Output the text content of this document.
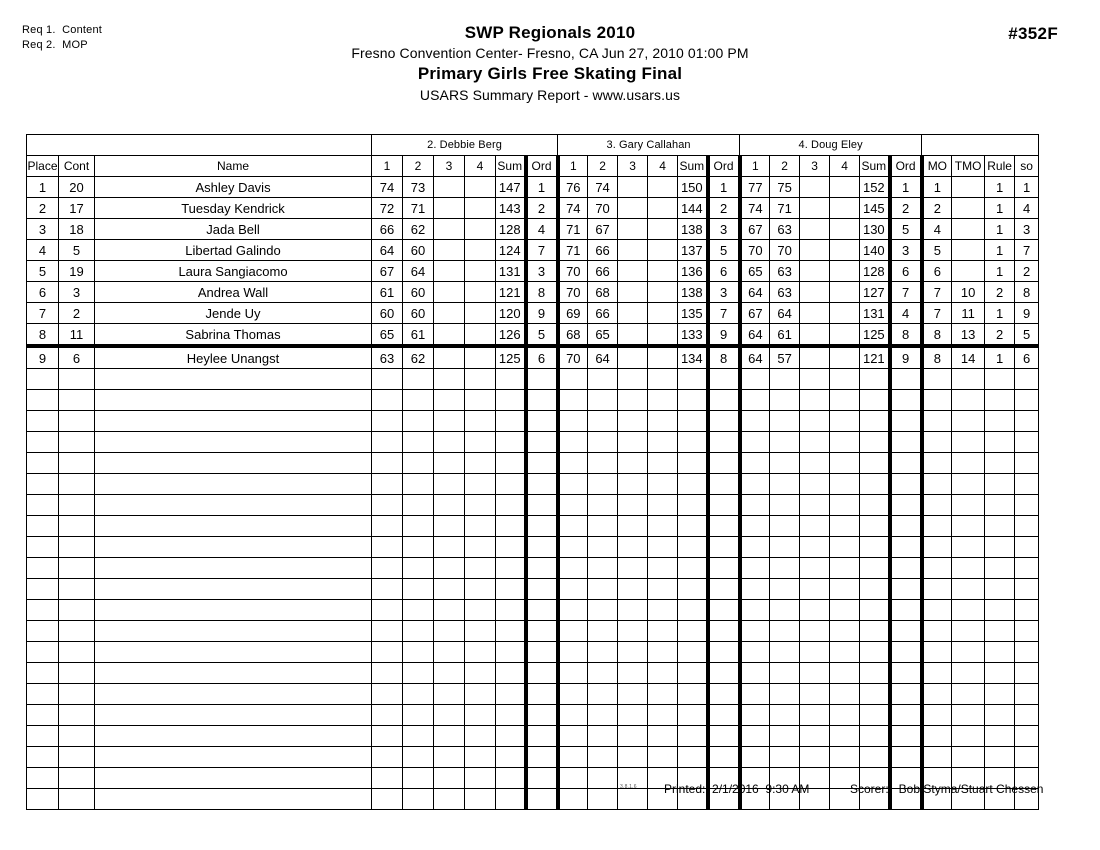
Req 1.  Content
Req 2.  MOP
#352F
SWP Regionals 2010
Fresno Convention Center- Fresno, CA Jun 27, 2010 01:00 PM
Primary Girls Free Skating Final
USARS Summary Report - www.usars.us
			2. Debbie Berg						3. Gary Callahan						4. Doug Eley									
Place	Cont	Name	1	2	3	4	Sum	Ord	1	2	3	4	Sum	Ord	1	2	3	4	Sum	Ord	MO	TMO	Rule	so
1	20	Ashley Davis	74	73			147	1	76	74			150	1	77	75			152	1	1		1	1
2	17	Tuesday Kendrick	72	71			143	2	74	70			144	2	74	71			145	2	2		1	4
3	18	Jada Bell	66	62			128	4	71	67			138	3	67	63			130	5	4		1	3
4	5	Libertad Galindo	64	60			124	7	71	66			137	5	70	70			140	3	5		1	7
5	19	Laura Sangiacomo	67	64			131	3	70	66			136	6	65	63			128	6	6		1	2
6	3	Andrea Wall	61	60			121	8	70	68			138	3	64	63			127	7	7	10	2	8
7	2	Jende Uy	60	60			120	9	69	66			135	7	67	64			131	4	7	11	1	9
8	11	Sabrina Thomas	65	61			126	5	68	65			133	9	64	61			125	8	8	13	2	5
9	6	Heylee Unangst	63	62			125	6	70	64			134	8	64	57			121	9	8	14	1	6

3.8.1.6 Printed:  2/1/2016  9:30 AM	Scorer:   Bob Styma/Stuart Chessen
